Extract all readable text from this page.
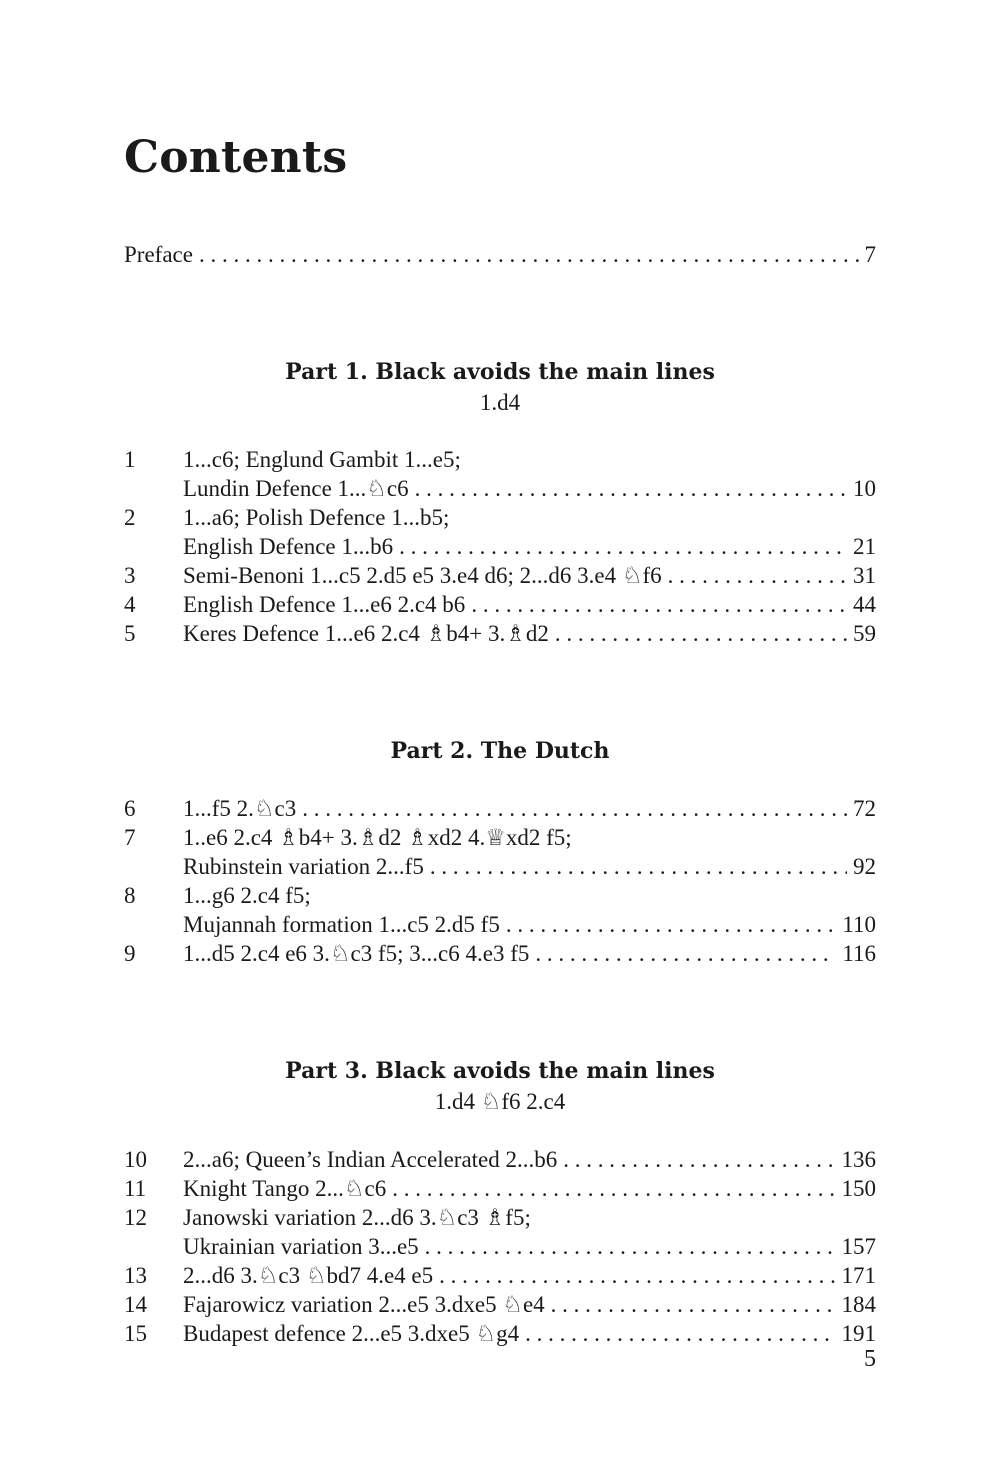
Contents
Preface . . .	7
Part 1. Black avoids the main lines
1.d4
1	1...c6; Englund Gambit 1...e5;
Lundin Defence 1...♘c6 . . .	10
2	1...a6; Polish Defence 1...b5;
English Defence 1...b6 . . .	21
3	Semi-Benoni 1...c5 2.d5 e5 3.e4 d6; 2...d6 3.e4 ♘f6 . . .	31
4	English Defence 1...e6 2.c4 b6 . . .	44
5	Keres Defence 1...e6 2.c4 ♗b4+ 3.♗d2 . . .	59
Part 2. The Dutch
6	1...f5 2.♘c3 . . .	72
7	1..e6 2.c4 ♗b4+ 3.♗d2 ♗xd2 4.♕xd2 f5;
Rubinstein variation 2...f5 . . .	92
8	1...g6 2.c4 f5;
Mujannah formation 1...c5 2.d5 f5 . . .	110
9	1...d5 2.c4 e6 3.♘c3 f5; 3...c6 4.e3 f5 . . .	116
Part 3. Black avoids the main lines
1.d4 ♘f6 2.c4
10	2...a6; Queen’s Indian Accelerated 2...b6 . . .	136
11	Knight Tango 2...♘c6 . . .	150
12	Janowski variation 2...d6 3.♘c3 ♗f5;
Ukrainian variation 3...e5 . . .	157
13	2...d6 3.♘c3 ♘bd7 4.e4 e5 . . .	171
14	Fajarowicz variation 2...e5 3.dxe5 ♘e4 . . .	184
15	Budapest defence 2...e5 3.dxe5 ♘g4 . . .	191
5
